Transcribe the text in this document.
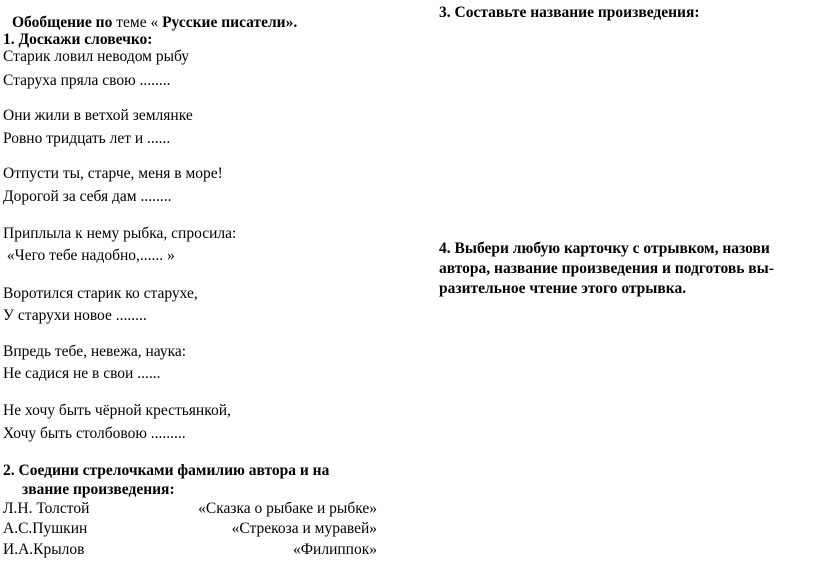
Обобщение по теме « Русские писатели».
1. Доскажи словечко:
Старик ловил неводом рыбу
Старуха пряла свою ........
Они жили в ветхой землянке
Ровно тридцать лет и ......
Отпусти ты, старче, меня в море!
Дорогой за себя дам ........
Приплыла к нему рыбка, спросила:
«Чего тебе надобно,...... »
Воротился старик ко старухе,
У старухи новое ........
Впредь тебе, невежа, наука:
Не садися не в свои ......
Не хочу быть чёрной крестьянкой,
Хочу быть столбовою .........
2. Соедини стрелочками фамилию автора и на
звание произведения:
Л.Н. Толстой
А.С.Пушкин
И.А.Крылов
«Сказка о рыбаке и рыбке»
«Стрекоза и муравей»
«Филиппок»
3. Составьте название произведения:
4. Выбери любую карточку с отрывком, назови
автора, название произведения и подготовь вы-
разительное чтение этого отрывка.
